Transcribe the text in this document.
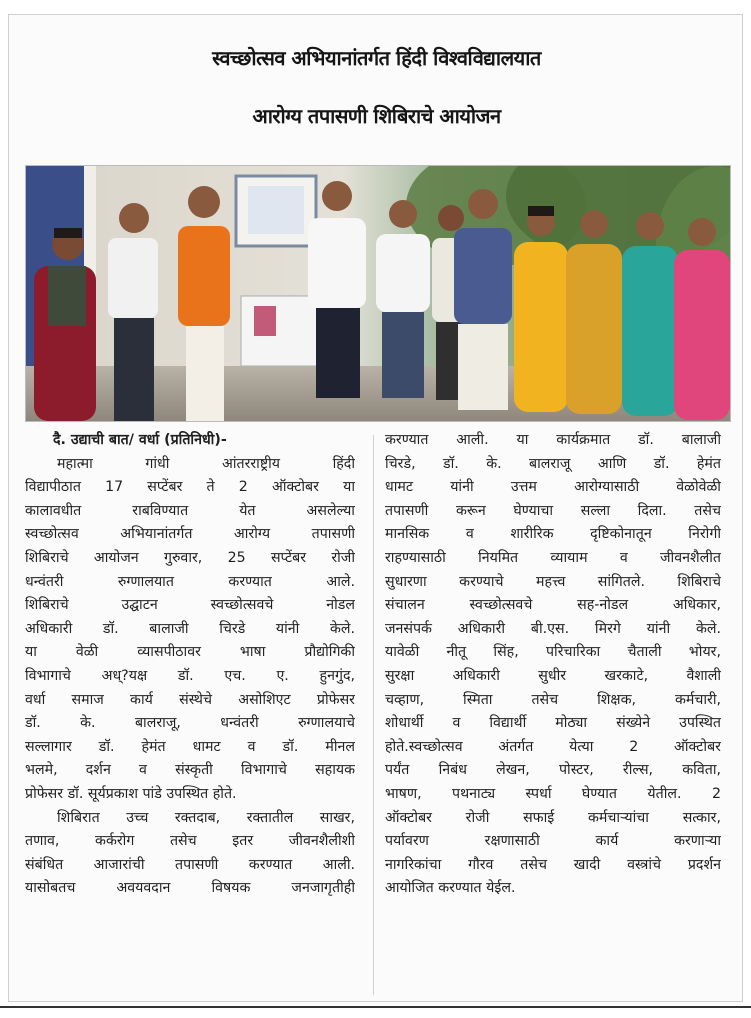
स्वच्छोत्सव अभियानांतर्गत हिंदी विश्वविद्यालयात
आरोग्य तपासणी शिबिराचे आयोजन
दै. उद्याची बात/ वर्धा (प्रतिनिधी)-
महात्मा गांधी आंतरराष्ट्रीय हिंदी
विद्यापीठात 17 सप्टेंबर ते 2 ऑक्टोबर या
कालावधीत राबविण्यात येत असलेल्या
स्वच्छोत्सव अभियानांतर्गत आरोग्य तपासणी
शिबिराचे आयोजन गुरुवार, 25 सप्टेंबर रोजी
धन्वंतरी रुग्णालयात करण्यात आले.
शिबिराचे उद्घाटन स्वच्छोत्सवचे नोडल
अधिकारी डॉ. बालाजी चिरडे यांनी केले.
या वेळी व्यासपीठावर भाषा प्रौद्योगिकी
विभागाचे अध्?यक्ष डॉ. एच. ए. हुनगुंद,
वर्धा समाज कार्य संस्थेचे असोशिएट प्रोफेसर
डॉ. के. बालराजू, धन्वंतरी रुग्णालयाचे
सल्लागार डॉ. हेमंत धामट व डॉ. मीनल
भलमे, दर्शन व संस्कृती विभागाचे सहायक
प्रोफेसर डॉ. सूर्यप्रकाश पांडे उपस्थित होते.
शिबिरात उच्च रक्तदाब, रक्तातील साखर,
तणाव, कर्करोग तसेच इतर जीवनशैलीशी
संबंधित आजारांची तपासणी करण्यात आली.
यासोबतच अवयवदान विषयक जनजागृतीही
करण्यात आली. या कार्यक्रमात डॉ. बालाजी
चिरडे, डॉ. के. बालराजू आणि डॉ. हेमंत
धामट यांनी उत्तम आरोग्यासाठी वेळोवेळी
तपासणी करून घेण्याचा सल्ला दिला. तसेच
मानसिक व शारीरिक दृष्टिकोनातून निरोगी
राहण्यासाठी नियमित व्यायाम व जीवनशैलीत
सुधारणा करण्याचे महत्त्व सांगितले. शिबिराचे
संचालन स्वच्छोत्सवचे सह-नोडल अधिकार,
जनसंपर्क अधिकारी बी.एस. मिरगे यांनी केले.
यावेळी नीतू सिंह, परिचारिका चैताली भोयर,
सुरक्षा अधिकारी सुधीर खरकाटे, वैशाली
चव्हाण, स्मिता तसेच शिक्षक, कर्मचारी,
शोधार्थी व विद्यार्थी मोठ्या संख्येने उपस्थित
होते.स्वच्छोत्सव अंतर्गत येत्या 2 ऑक्टोबर
पर्यंत निबंध लेखन, पोस्टर, रील्स, कविता,
भाषण, पथनाट्य स्पर्धा घेण्यात येतील. 2
ऑक्टोबर रोजी सफाई कर्मचाऱ्यांचा सत्कार,
पर्यावरण रक्षणासाठी कार्य करणाऱ्या
नागरिकांचा गौरव तसेच खादी वस्त्रांचे प्रदर्शन
आयोजित करण्यात येईल.
